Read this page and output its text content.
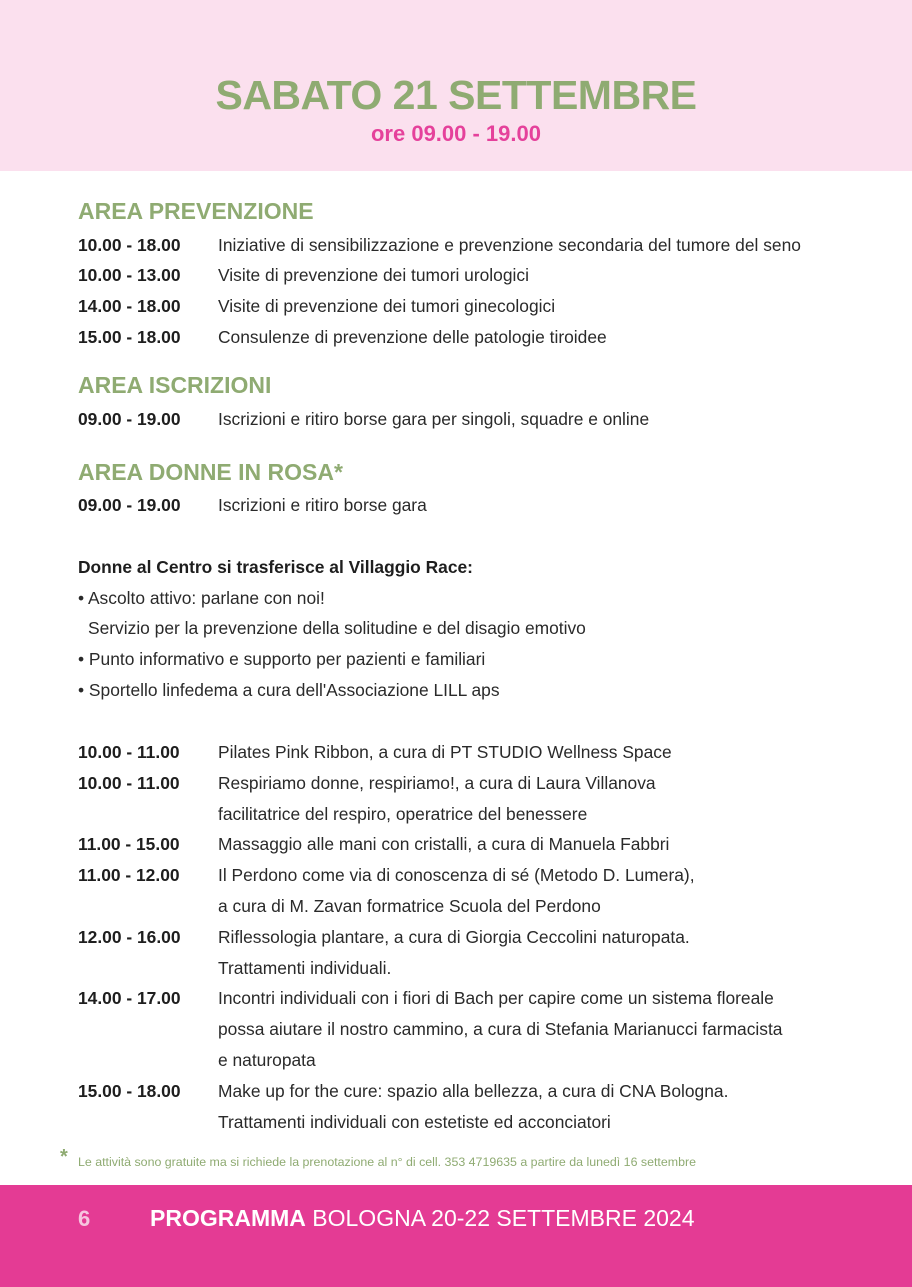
SABATO 21 SETTEMBRE
ore 09.00 - 19.00
AREA PREVENZIONE
10.00 - 18.00 Iniziative di sensibilizzazione e prevenzione secondaria del tumore del seno
10.00 - 13.00 Visite di prevenzione dei tumori urologici
14.00 - 18.00 Visite di prevenzione dei tumori ginecologici
15.00 - 18.00 Consulenze di prevenzione delle patologie tiroidee
AREA ISCRIZIONI
09.00 - 19.00 Iscrizioni e ritiro borse gara per singoli, squadre e online
AREA DONNE IN ROSA*
09.00 - 19.00 Iscrizioni e ritiro borse gara
Donne al Centro si trasferisce al Villaggio Race:
• Ascolto attivo: parlane con noi!
Servizio per la prevenzione della solitudine e del disagio emotivo
• Punto informativo e supporto per pazienti e familiari
• Sportello linfedema a cura dell'Associazione LILL aps
10.00 - 11.00 Pilates Pink Ribbon, a cura di PT STUDIO Wellness Space
10.00 - 11.00 Respiriamo donne, respiriamo!, a cura di Laura Villanova
facilitatrice del respiro, operatrice del benessere
11.00 - 15.00 Massaggio alle mani con cristalli, a cura di Manuela Fabbri
11.00 - 12.00 Il Perdono come via di conoscenza di sé (Metodo D. Lumera),
a cura di M. Zavan formatrice Scuola del Perdono
12.00 - 16.00 Riflessologia plantare, a cura di Giorgia Ceccolini naturopata.
Trattamenti individuali.
14.00 - 17.00 Incontri individuali con i fiori di Bach per capire come un sistema floreale
possa aiutare il nostro cammino, a cura di Stefania Marianucci farmacista
e naturopata
15.00 - 18.00 Make up for the cure: spazio alla bellezza, a cura di CNA Bologna.
Trattamenti individuali con estetiste ed acconciatori
* Le attività sono gratuite ma si richiede la prenotazione al n° di cell. 353 4719635 a partire da lunedì 16 settembre
6	PROGRAMMA BOLOGNA 20-22 SETTEMBRE 2024
